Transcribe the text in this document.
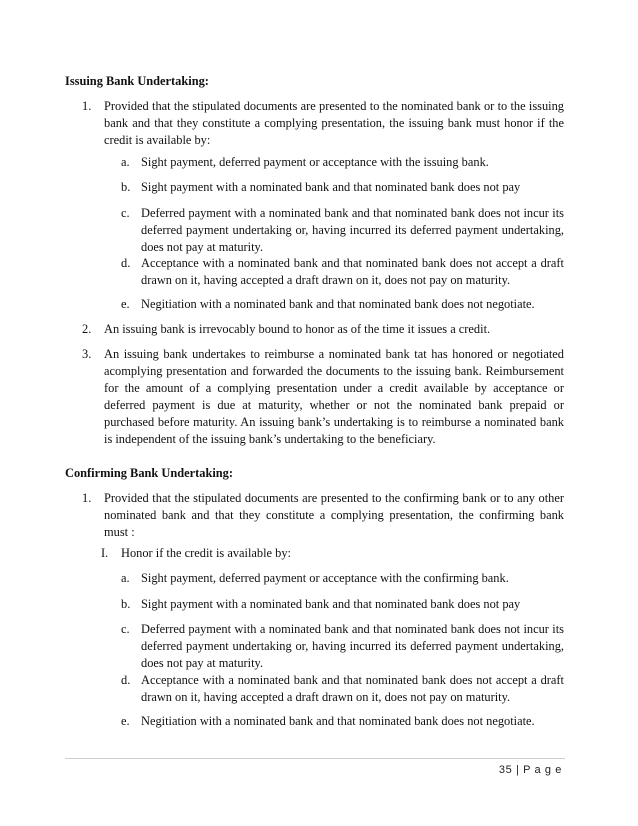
Issuing Bank Undertaking:
1.	Provided that the stipulated documents are presented to the nominated bank or to the issuing bank and that they constitute a complying presentation, the issuing bank must honor if the credit is available by:
a. Sight payment, deferred payment or acceptance with the issuing bank.
b. Sight payment with a nominated bank and that nominated bank does not pay
c. Deferred payment with a nominated bank and that nominated bank does not incur its deferred payment undertaking or, having incurred its deferred payment undertaking, does not pay at maturity.
d. Acceptance with a nominated bank and that nominated bank does not accept a draft drawn on it, having accepted a draft drawn on it, does not pay on maturity.
e. Negitiation with a nominated bank and that nominated bank does not negotiate.
2.	An issuing bank is irrevocably bound to honor as of the time it issues a credit.
3.	An issuing bank undertakes to reimburse a nominated bank tat has honored or negotiated acomplying presentation and forwarded the documents to the issuing bank. Reimbursement for the amount of a complying presentation under a credit available by acceptance or deferred payment is due at maturity, whether or not the nominated bank prepaid or purchased before maturity. An issuing bank’s undertaking is to reimburse a nominated bank is independent of the issuing bank’s undertaking to the beneficiary.
Confirming Bank Undertaking:
1.	Provided that the stipulated documents are presented to the confirming bank or to any other nominated bank and that they constitute a complying presentation, the confirming bank must :
I.	Honor if the credit is available by:
a. Sight payment, deferred payment or acceptance with the confirming bank.
b. Sight payment with a nominated bank and that nominated bank does not pay
c. Deferred payment with a nominated bank and that nominated bank does not incur its deferred payment undertaking or, having incurred its deferred payment undertaking, does not pay at maturity.
d. Acceptance with a nominated bank and that nominated bank does not accept a draft drawn on it, having accepted a draft drawn on it, does not pay on maturity.
e. Negitiation with a nominated bank and that nominated bank does not negotiate.
35 | P a g e
